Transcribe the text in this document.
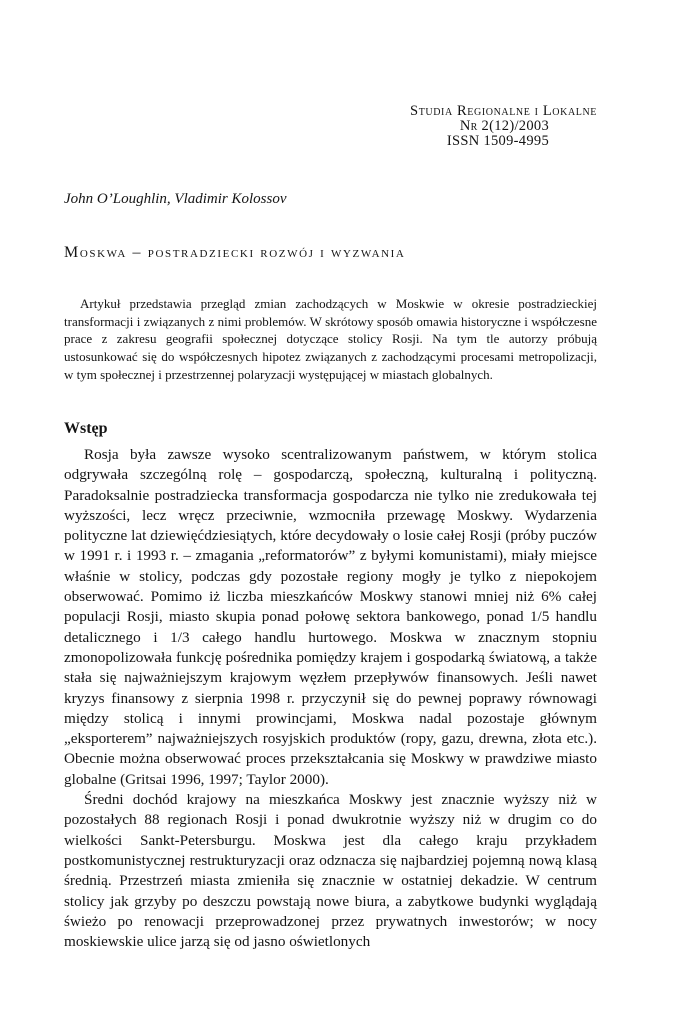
Studia Regionalne i Lokalne
Nr 2(12)/2003
ISSN 1509-4995
John O’Loughlin, Vladimir Kolossov
Moskwa – postradziecki rozwój i wyzwania
Artykuł przedstawia przegląd zmian zachodzących w Moskwie w okresie postradzieckiej transformacji i związanych z nimi problemów. W skrótowy sposób omawia historyczne i współczesne prace z zakresu geografii społecznej dotyczące stolicy Rosji. Na tym tle autorzy próbują ustosunkować się do współczesnych hipotez związanych z zachodzącymi procesami metropolizacji, w tym społecznej i przestrzennej polaryzacji występującej w miastach globalnych.
Wstęp

Rosja była zawsze wysoko scentralizowanym państwem, w którym stolica odgrywała szczególną rolę – gospodarczą, społeczną, kulturalną i polityczną. Paradoksalnie postradziecka transformacja gospodarcza nie tylko nie zredukowała tej wyższości, lecz wręcz przeciwnie, wzmocniła przewagę Moskwy. Wydarzenia polityczne lat dziewięćdziesiątych, które decydowały o losie całej Rosji (próby puczów w 1991 r. i 1993 r. – zmagania „reformatorów” z byłymi komunistami), miały miejsce właśnie w stolicy, podczas gdy pozostałe regiony mogły je tylko z niepokojem obserwować. Pomimo iż liczba mieszkańców Moskwy stanowi mniej niż 6% całej populacji Rosji, miasto skupia ponad połowę sektora bankowego, ponad 1/5 handlu detalicznego i 1/3 całego handlu hurtowego. Moskwa w znacznym stopniu zmonopolizowała funkcję pośrednika pomiędzy krajem i gospodarką światową, a także stała się najważniejszym krajowym węzłem przepływów finansowych. Jeśli nawet kryzys finansowy z sierpnia 1998 r. przyczynił się do pewnej poprawy równowagi między stolicą i innymi prowincjami, Moskwa nadal pozostaje głównym „eksporterem” najważniejszych rosyjskich produktów (ropy, gazu, drewna, złota etc.). Obecnie można obserwować proces przekształcania się Moskwy w prawdziwe miasto globalne (Gritsai 1996, 1997; Taylor 2000).

Średni dochód krajowy na mieszkańca Moskwy jest znacznie wyższy niż w pozostałych 88 regionach Rosji i ponad dwukrotnie wyższy niż w drugim co do wielkości Sankt-Petersburgu. Moskwa jest dla całego kraju przykładem postkomunistycznej restrukturyzacji oraz odznacza się najbardziej pojemną nową klasą średnią. Przestrzeń miasta zmieniła się znacznie w ostatniej dekadzie. W centrum stolicy jak grzyby po deszczu powstają nowe biura, a zabytkowe budynki wyglądają świeżo po renowacji przeprowadzonej przez prywatnych inwestorów; w nocy moskiewskie ulice jarzą się od jasno oświetlonych
